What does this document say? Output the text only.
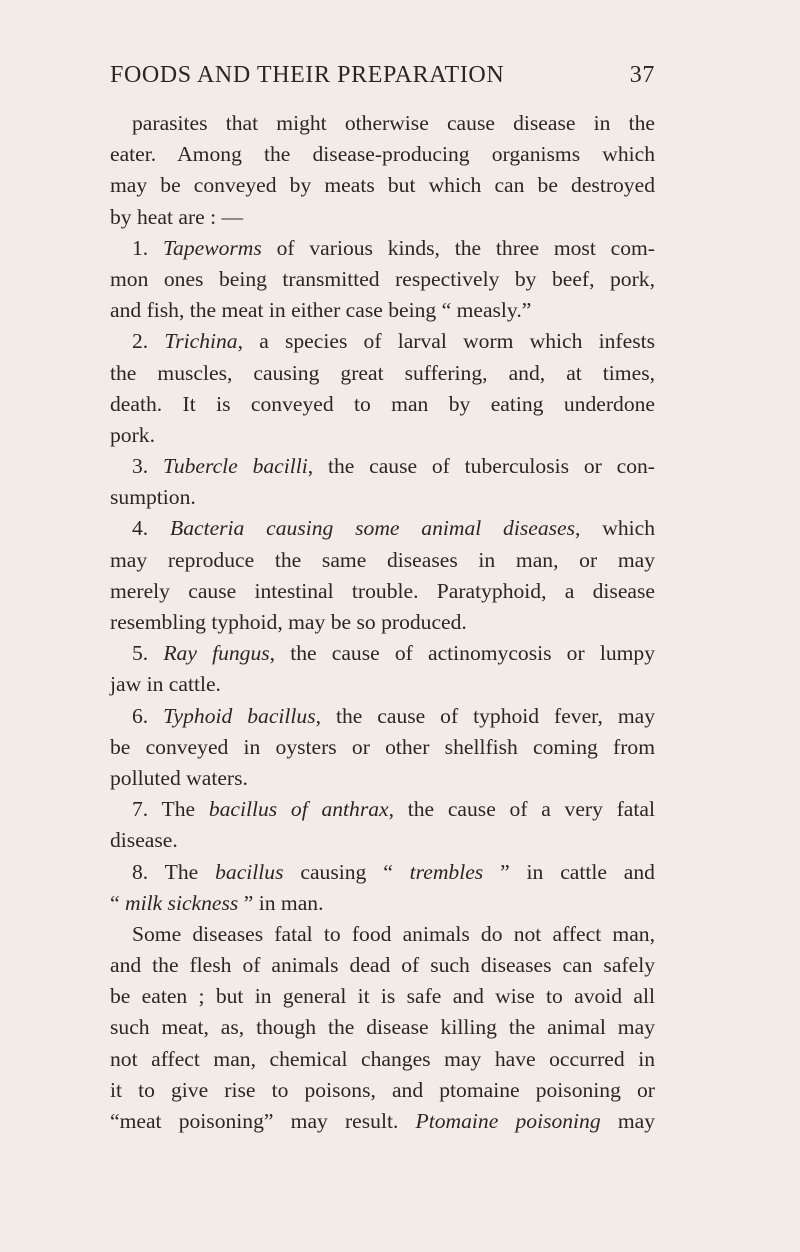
FOODS AND THEIR PREPARATION	37
parasites that might otherwise cause disease in the
eater. Among the disease-producing organisms which
may be conveyed by meats but which can be destroyed
by heat are : —
1. Tapeworms of various kinds, the three most com-
mon ones being transmitted respectively by beef, pork,
and fish, the meat in either case being “ measly.”
2. Trichina, a species of larval worm which infests
the muscles, causing great suffering, and, at times,
death. It is conveyed to man by eating underdone
pork.
3. Tubercle bacilli, the cause of tuberculosis or con-
sumption.
4. Bacteria causing some animal diseases, which
may reproduce the same diseases in man, or may
merely cause intestinal trouble. Paratyphoid, a disease
resembling typhoid, may be so produced.
5. Ray fungus, the cause of actinomycosis or lumpy
jaw in cattle.
6. Typhoid bacillus, the cause of typhoid fever, may
be conveyed in oysters or other shellfish coming from
polluted waters.
7. The bacillus of anthrax, the cause of a very fatal
disease.
8. The bacillus causing “ trembles ” in cattle and
“ milk sickness ” in man.
Some diseases fatal to food animals do not affect man,
and the flesh of animals dead of such diseases can safely
be eaten ; but in general it is safe and wise to avoid all
such meat, as, though the disease killing the animal may
not affect man, chemical changes may have occurred in
it to give rise to poisons, and ptomaine poisoning or
“meat poisoning” may result. Ptomaine poisoning may
